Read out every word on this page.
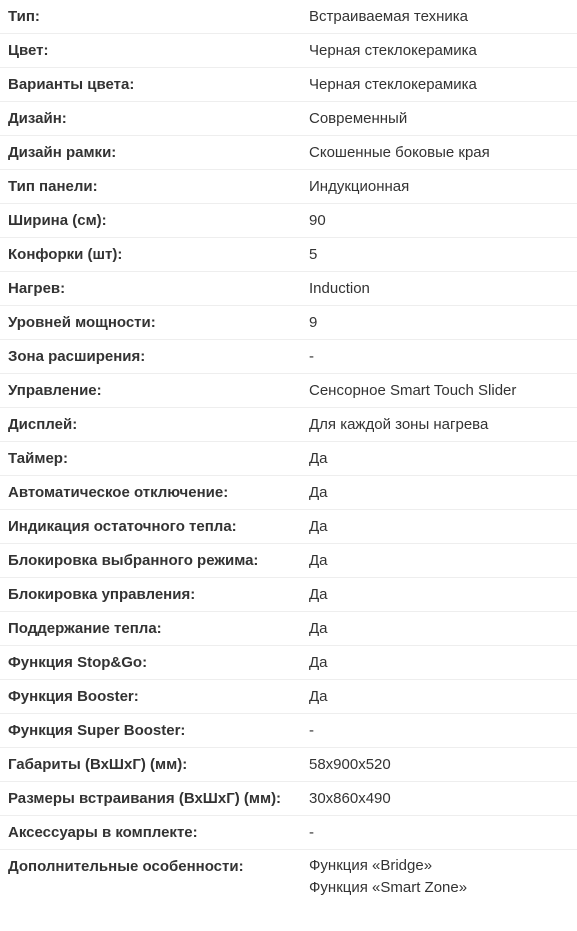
Тип:	Встраиваемая техника
Цвет:	Черная стеклокерамика
Варианты цвета:	Черная стеклокерамика
Дизайн:	Современный
Дизайн рамки:	Скошенные боковые края
Тип панели:	Индукционная
Ширина (см):	90
Конфорки (шт):	5
Нагрев:	Induction
Уровней мощности:	9
Зона расширения:	-
Управление:	Сенсорное Smart Touch Slider
Дисплей:	Для каждой зоны нагрева
Таймер:	Да
Автоматическое отключение:	Да
Индикация остаточного тепла:	Да
Блокировка выбранного режима:	Да
Блокировка управления:	Да
Поддержание тепла:	Да
Функция Stop&Go:	Да
Функция Booster:	Да
Функция Super Booster:	-
Габариты (ВхШхГ) (мм):	58x900x520
Размеры встраивания (ВхШхГ) (мм):	30x860x490
Аксессуары в комплекте:	-
Дополнительные особенности:	Функция «Bridge»
Функция «Smart Zone»
